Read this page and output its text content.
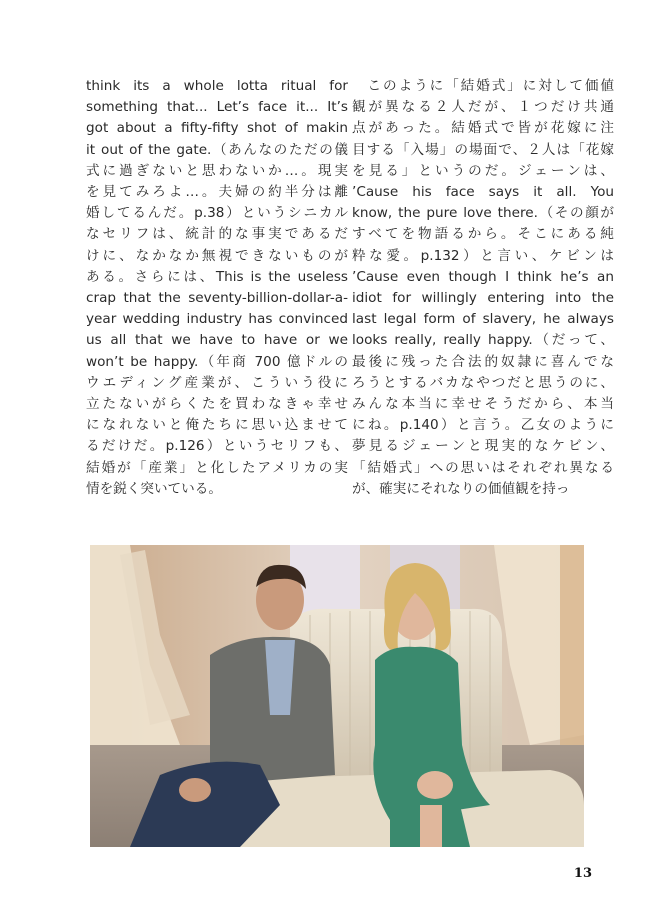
think its a whole lotta ritual for
something that... Let’s face it... It’s
got about a fifty-fifty shot of makin
it out of the gate.（あんなのただの儀
式に過ぎないと思わないか…。現実
を見てみろよ…。夫婦の約半分は離
婚してるんだ。p.38）というシニカル
なセリフは、統計的な事実であるだ
けに、なかなか無視できないものが
ある。さらには、This is the useless
crap that the seventy-billion-dollar-a-
year wedding industry has convinced
us all that we have to have or we
won’t be happy.（年商 700 億ドルの
ウエディング産業が、こういう役に
立たないがらくたを買わなきゃ幸せ
になれないと俺たちに思い込ませて
るだけだ。p.126）というセリフも、
結婚が「産業」と化したアメリカの実
情を鋭く突いている。
　このように「結婚式」に対して価値
観が異なる２人だが、１つだけ共通
点があった。結婚式で皆が花嫁に注
目する「入場」の場面で、２人は「花嫁
を見る」というのだ。ジェーンは、
’Cause his face says it all. You
know, the pure love there.（その顔が
すべてを物語るから。そこにある純
粋な愛。p.132）と言い、ケビンは
’Cause even though I think he’s an
idiot for willingly entering into the
last legal form of slavery, he always
looks really, really happy.（だって、
最後に残った合法的奴隷に喜んでな
ろうとするバカなやつだと思うのに、
みんな本当に幸せそうだから、本当
にね。p.140）と言う。乙女のように
夢見るジェーンと現実的なケビン、
「結婚式」への思いはそれぞれ異なる
が、確実にそれなりの価値観を持っ
13
